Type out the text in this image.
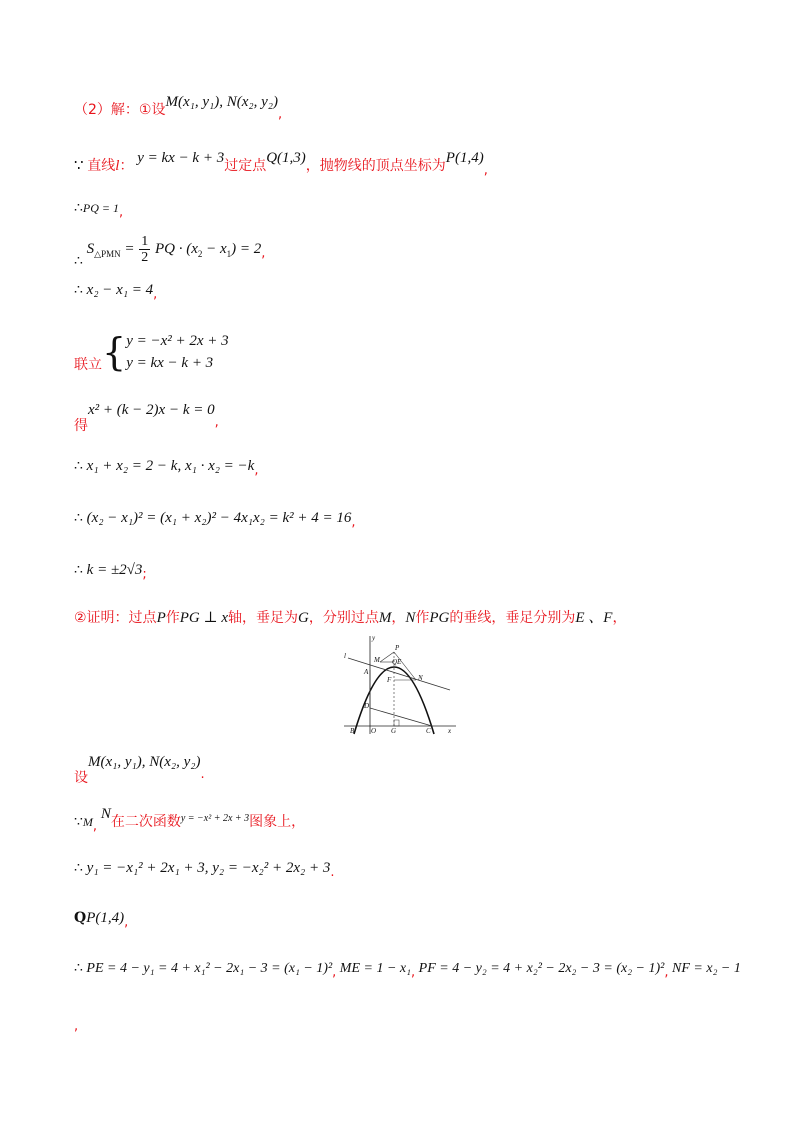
（2）解：①设M(x₁, y₁), N(x₂, y₂),
∵ 直线l： y = kx − k + 3过定点Q(1,3)，抛物线的顶点坐标为P(1,4),
∴PQ = 1,
∴ $S_{\triangle PMN} = \frac{1}{2}$ PQ · $(x_2 - x_1) = 2$,
∴ x₂ − x₁ = 4,
联立{ y = −x² + 2x + 3
y = kx − k + 3
得x² + (k − 2)x − k = 0,
∴ x₁ + x₂ = 2 − k, x₁ · x₂ = −k,
∴ (x₂ − x₁)² = (x₁ + x₂)² − 4x₁x₂ = k² + 4 = 16,
∴ k = ±2√3;
②证明：过点P作PG ⊥ x轴，垂足为G，分别过点M，N作PG的垂线，垂足分别为E 、F，
y
l	M
P
Q E
A
F	N
D
B O G	C x
设M(x₁, y₁), N(x₂, y₂).
∵M, N在二次函数$^{y = -x^2 + 2x + 3}$图象上，
∴ y₁ = −x₁² + 2x₁ + 3, y₂ = −x₂² + 2x₂ + 3.
QP(1,4),
∴ PE = 4 − y₁ = 4 + x₁² − 2x₁ − 3 = (x₁ − 1)², ME = 1 − x₁, PF = 4 − y₂ = 4 + x₂² − 2x₂ − 3 = (x₂ − 1)², NF = x₂ − 1
,
